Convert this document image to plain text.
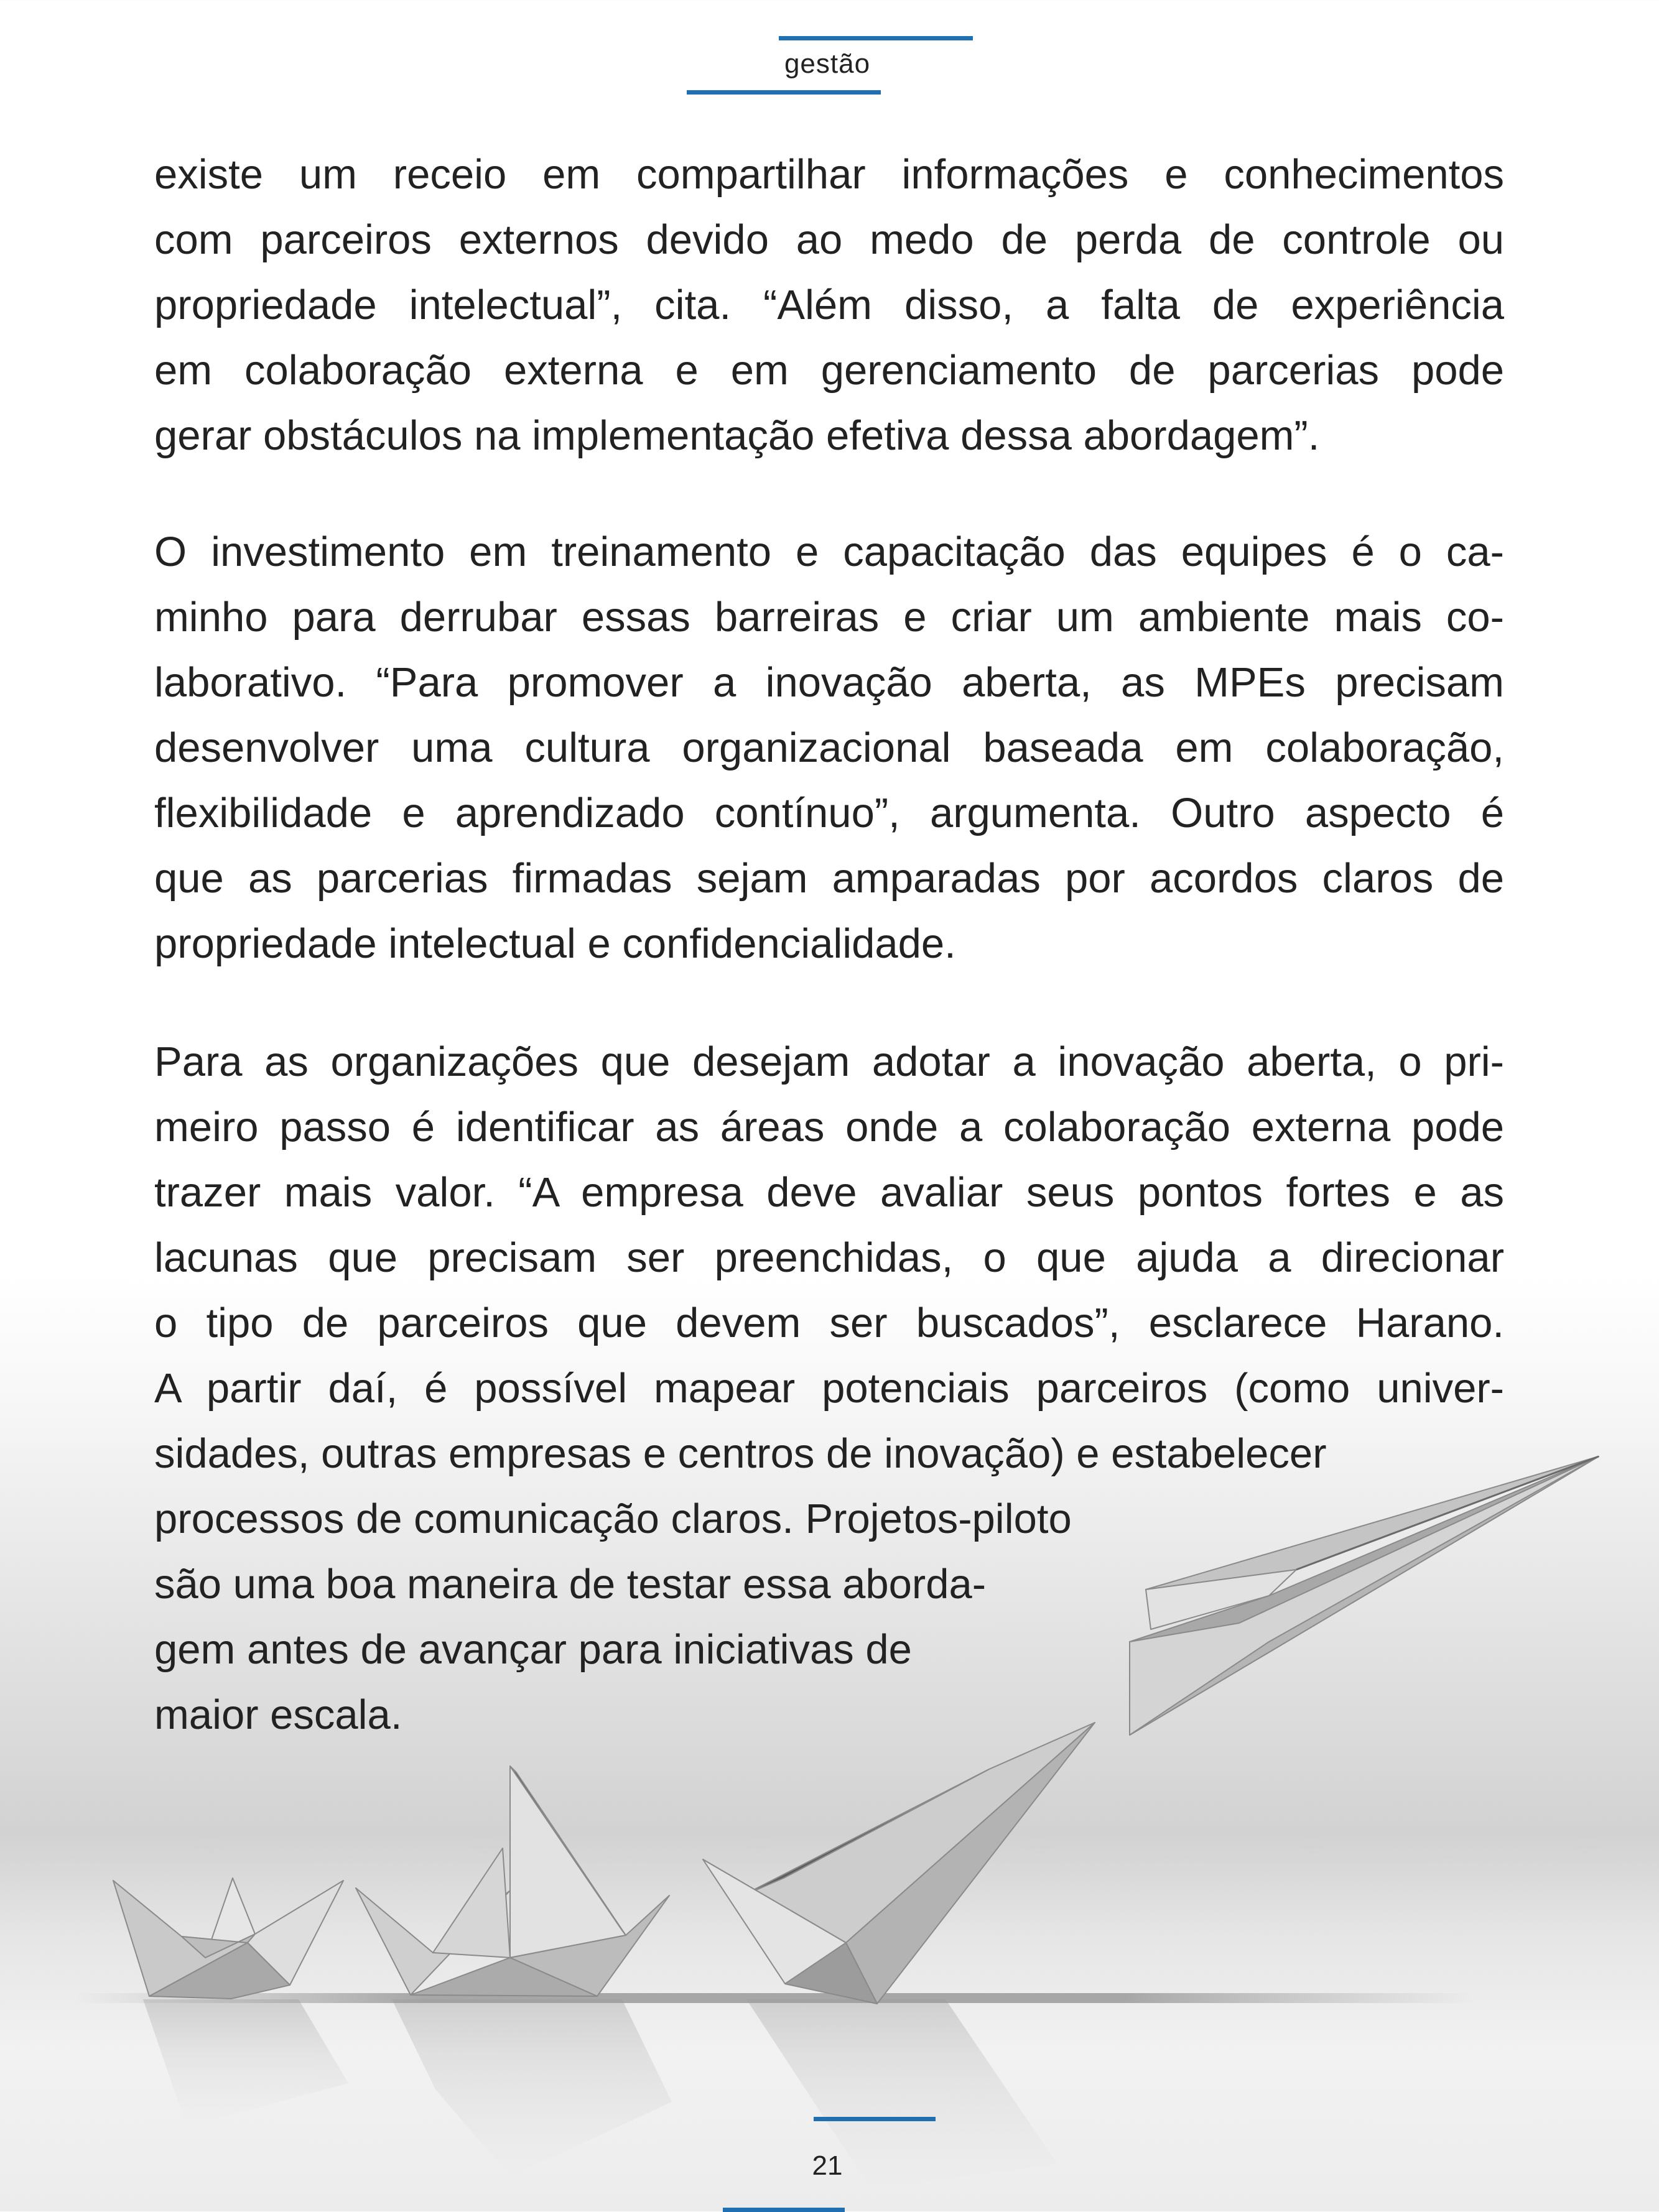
gestão
existe um receio em compartilhar informações e conhecimentos
com parceiros externos devido ao medo de perda de controle ou
propriedade intelectual”, cita. “Além disso, a falta de experiência
em colaboração externa e em gerenciamento de parcerias pode
gerar obstáculos na implementação efetiva dessa abordagem”.
O investimento em treinamento e capacitação das equipes é o ca-
minho para derrubar essas barreiras e criar um ambiente mais co-
laborativo. “Para promover a inovação aberta, as MPEs precisam
desenvolver uma cultura organizacional baseada em colaboração,
flexibilidade e aprendizado contínuo”, argumenta. Outro aspecto é
que as parcerias firmadas sejam amparadas por acordos claros de
propriedade intelectual e confidencialidade.
Para as organizações que desejam adotar a inovação aberta, o pri-
meiro passo é identificar as áreas onde a colaboração externa pode
trazer mais valor. “A empresa deve avaliar seus pontos fortes e as
lacunas que precisam ser preenchidas, o que ajuda a direcionar
o tipo de parceiros que devem ser buscados”, esclarece Harano.
A partir daí, é possível mapear potenciais parceiros (como univer-
sidades, outras empresas e centros de inovação) e estabelecer
processos de comunicação claros. Projetos-piloto
são uma boa maneira de testar essa aborda-
gem antes de avançar para iniciativas de
maior escala.
21
